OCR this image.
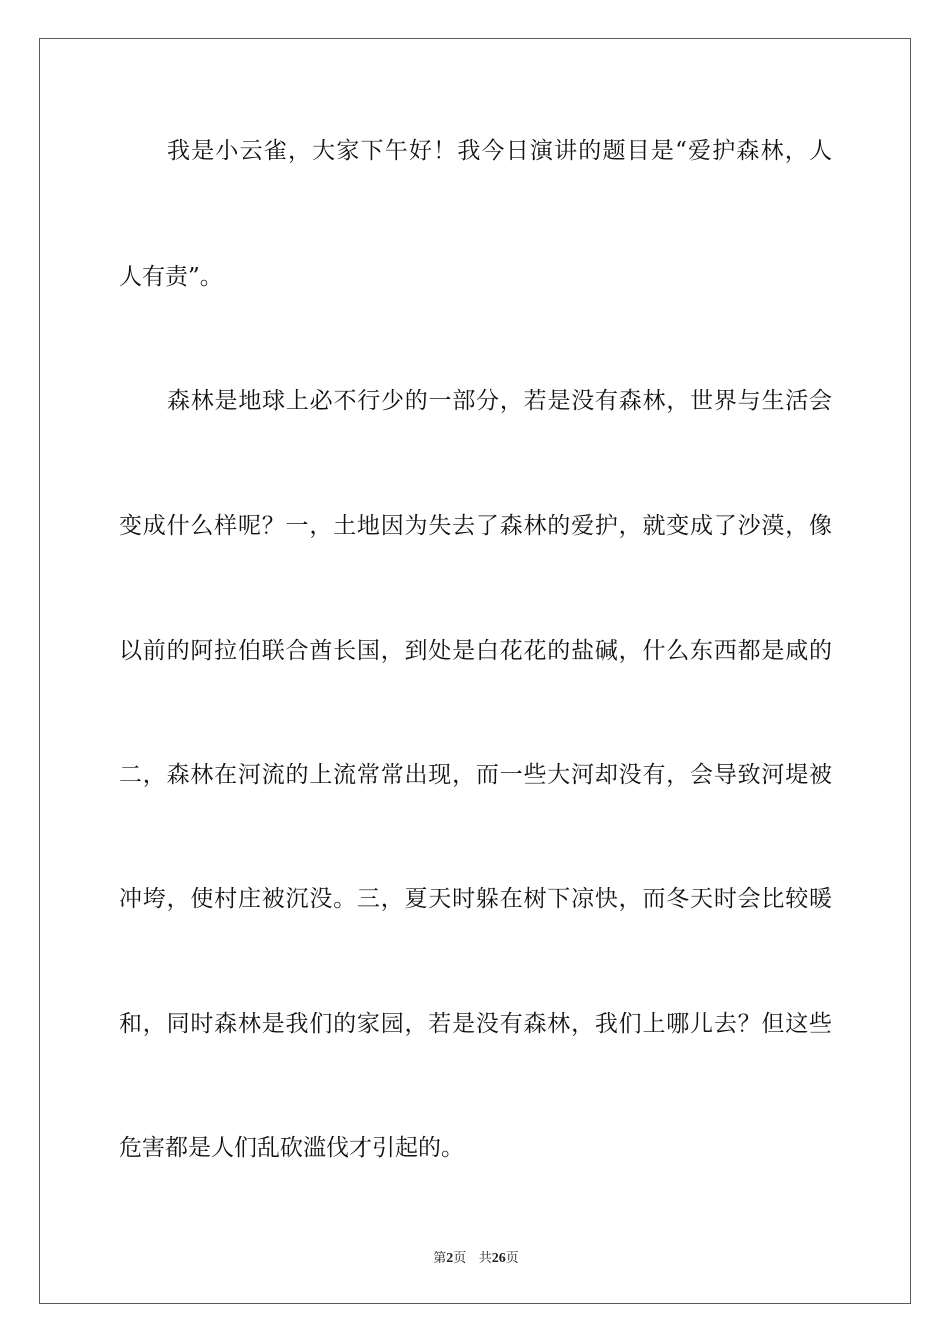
我是小云雀，大家下午好！我今日演讲的题目是“爱护森林，人

人有责”。

森林是地球上必不行少的一部分，若是没有森林，世界与生活会

变成什么样呢？一，土地因为失去了森林的爱护，就变成了沙漠，像

以前的阿拉伯联合酋长国，到处是白花花的盐碱，什么东西都是咸的

二，森林在河流的上流常常出现，而一些大河却没有，会导致河堤被

冲垮，使村庄被沉没。三，夏天时躲在树下凉快，而冬天时会比较暖

和，同时森林是我们的家园，若是没有森林，我们上哪儿去？但这些

危害都是人们乱砍滥伐才引起的。

第2页 共26页
